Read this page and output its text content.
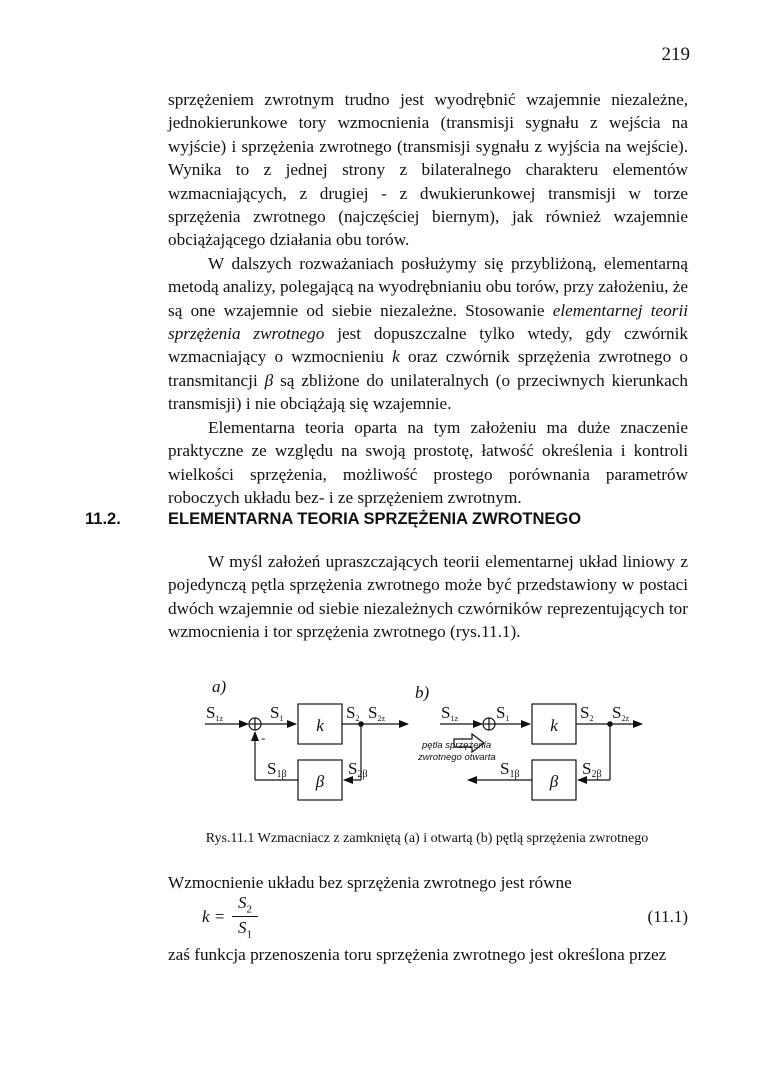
219

sprzężeniem zwrotnym trudno jest wyodrębnić wzajemnie niezależne, jednokierunkowe tory wzmocnienia (transmisji sygnału z wejścia na wyjście) i sprzężenia zwrotnego (transmisji sygnału z wyjścia na wejście). Wynika to z jednej strony z bilateralnego charakteru elementów wzmacniających, z drugiej - z dwukierunkowej transmisji w torze sprzężenia zwrotnego (najczęściej biernym), jak również wzajemnie obciążającego działania obu torów.

W dalszych rozważaniach posłużymy się przybliżoną, elementarną metodą analizy, polegającą na wyodrębnianiu obu torów, przy założeniu, że są one wzajemnie od siebie niezależne. Stosowanie elementarnej teorii sprzężenia zwrotnego jest dopuszczalne tylko wtedy, gdy czwórnik wzmacniający o wzmocnieniu k oraz czwórnik sprzężenia zwrotnego o transmitancji β są zbliżone do unilateralnych (o przeciwnych kierunkach transmisji) i nie obciążają się wzajemnie.

Elementarna teoria oparta na tym założeniu ma duże znaczenie praktyczne ze względu na swoją prostotę, łatwość określenia i kontroli wielkości sprzężenia, możliwość prostego porównania parametrów roboczych układu bez- i ze sprzężeniem zwrotnym.

11.2.	ELEMENTARNA TEORIA SPRZĘŻENIA ZWROTNEGO

W myśl założeń upraszczających teorii elementarnej układ liniowy z pojedynczą pętla sprzężenia zwrotnego może być przedstawiony w postaci dwóch wzajemnie od siebie niezależnych czwórników reprezentujących tor wzmocnienia i tor sprzężenia zwrotnego (rys.11.1).

a)
k
β
-
S1z	S1	S2 S2z
S1β	S2β
b)
k
β
S1z S1	S2 S2z
S1β	S2β
pętla sprzężenia
zwrotnego otwarta
Rys.11.1 Wzmacniacz z zamkniętą (a) i otwartą (b) pętlą sprzężenia zwrotnego
Wzmocnienie układu bez sprzężenia zwrotnego jest równe
k =
$S_2$
$S_1$
(11.1)
zaś funkcja przenoszenia toru sprzężenia zwrotnego jest określona przez
